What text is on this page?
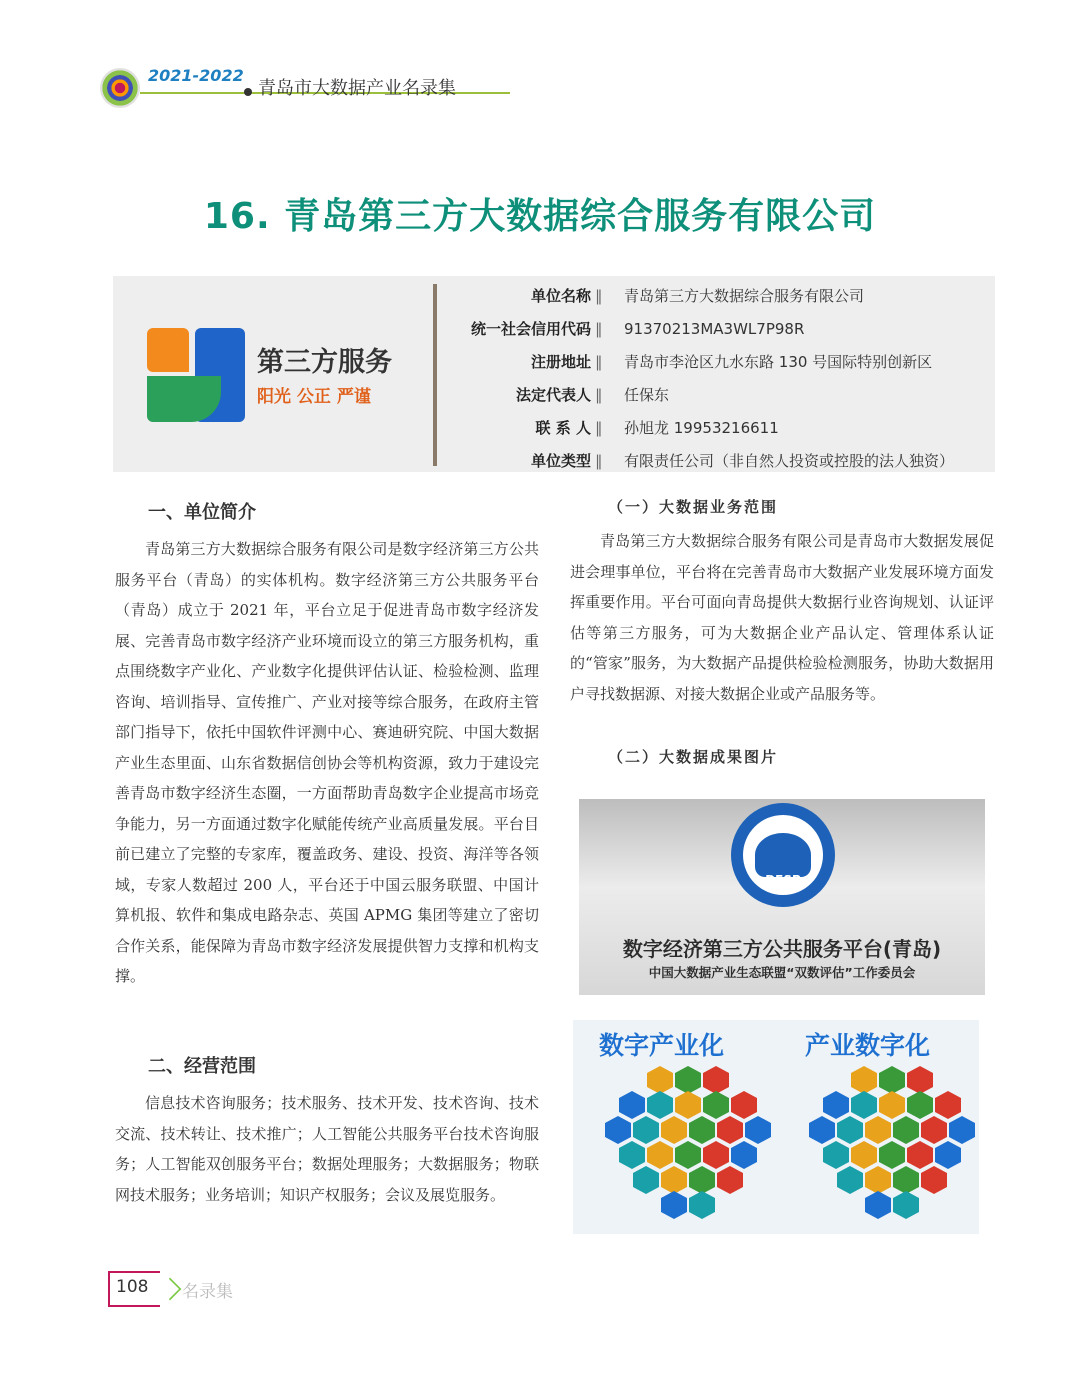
2021-2022
青岛市大数据产业名录集
16. 青岛第三方大数据综合服务有限公司
第三方服务
阳光 公正 严谨
单位名称 ‖ 青岛第三方大数据综合服务有限公司
统一社会信用代码 ‖ 91370213MA3WL7P98R
注册地址 ‖ 青岛市李沧区九水东路 130 号国际特别创新区
法定代表人 ‖ 任保东
联 系 人 ‖ 孙旭龙 19953216611
单位类型 ‖ 有限责任公司（非自然人投资或控股的法人独资）
一、单位简介

青岛第三方大数据综合服务有限公司是数字经济第三方公共服务平台（青岛）的实体机构。数字经济第三方公共服务平台（青岛）成立于 2021 年，平台立足于促进青岛市数字经济发展、完善青岛市数字经济产业环境而设立的第三方服务机构，重点围绕数字产业化、产业数字化提供评估认证、检验检测、监理咨询、培训指导、宣传推广、产业对接等综合服务，在政府主管部门指导下，依托中国软件评测中心、赛迪研究院、中国大数据产业生态里面、山东省数据信创协会等机构资源，致力于建设完善青岛市数字经济生态圈，一方面帮助青岛数字企业提高市场竞争能力，另一方面通过数字化赋能传统产业高质量发展。平台目前已建立了完整的专家库，覆盖政务、建设、投资、海洋等各领域，专家人数超过 200 人，平台还于中国云服务联盟、中国计算机报、软件和集成电路杂志、英国 APMG 集团等建立了密切合作关系，能保障为青岛市数字经济发展提供智力支撑和机构支撑。

二、经营范围

信息技术咨询服务；技术服务、技术开发、技术咨询、技术交流、技术转让、技术推广；人工智能公共服务平台技术咨询服务；人工智能双创服务平台；数据处理服务；大数据服务；物联网技术服务；业务培训；知识产权服务；会议及展览服务。

（一）大数据业务范围

青岛第三方大数据综合服务有限公司是青岛市大数据发展促进会理事单位，平台将在完善青岛市大数据产业发展环境方面发挥重要作用。平台可面向青岛提供大数据行业咨询规划、认证评估等第三方服务，可为大数据企业产品认定、管理体系认证的“管家”服务，为大数据产品提供检验检测服务，协助大数据用户寻找数据源、对接大数据企业或产品服务等。

（二）大数据成果图片
DESP
数字经济第三方公共服务平台(青岛)
中国大数据产业生态联盟“双数评估”工作委员会
数字产业化	产业数字化
108 名录集
